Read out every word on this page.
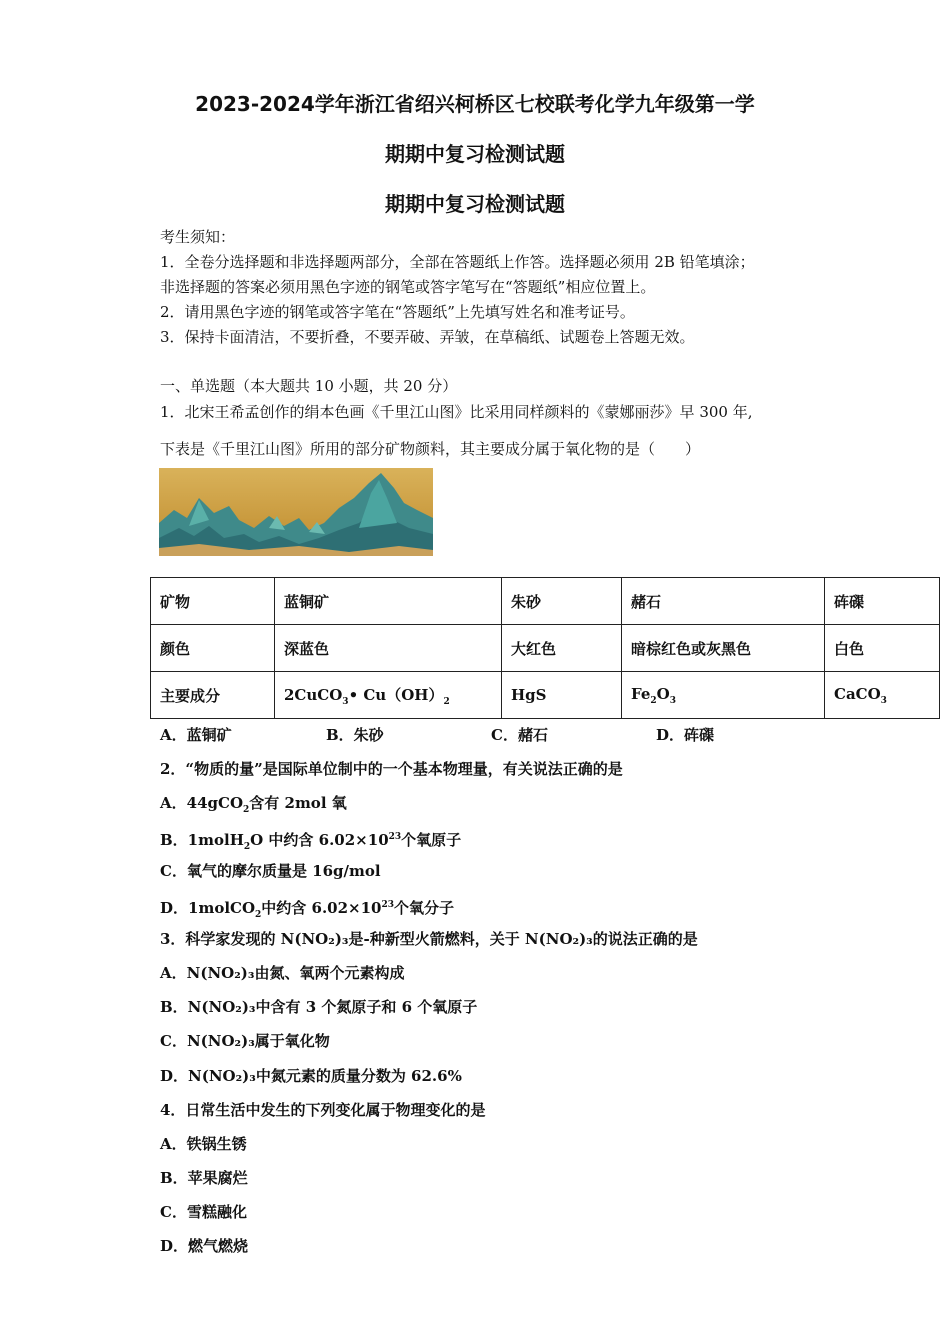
2023-2024学年浙江省绍兴柯桥区七校联考化学九年级第一学
期期中复习检测试题
期期中复习检测试题
考生须知：
1．全卷分选择题和非选择题两部分，全部在答题纸上作答。选择题必须用 2B 铅笔填涂；
非选择题的答案必须用黑色字迹的钢笔或答字笔写在“答题纸”相应位置上。
2．请用黑色字迹的钢笔或答字笔在“答题纸”上先填写姓名和准考证号。
3．保持卡面清洁，不要折叠，不要弄破、弄皱，在草稿纸、试题卷上答题无效。
一、单选题（本大题共 10 小题，共 20 分）
1．北宋王希孟创作的绢本色画《千里江山图》比采用同样颜料的《蒙娜丽莎》早 300 年,
下表是《千里江山图》所用的部分矿物颜料，其主要成分属于氧化物的是（　　）
矿物	蓝铜矿	朱砂	赭石	砗磲
颜色	深蓝色	大红色	暗棕红色或灰黑色	白色
主要成分	2CuCO$_3$• $Cu(OH)_2$	HgS	$Fe_2O_3$	CaCO$_3$
A．蓝铜矿	B．朱砂	C．赭石	D．砗磲
2．“物质的量”是国际单位制中的一个基本物理量，有关说法正确的是
A．44gCO$_2$含有 2mol 氧
B．1molH$_2$O 中约含 $6.02\times 10^{23}$个氧原子
C．氧气的摩尔质量是 16g/mol
D．1molCO$_2$中约含 $6.02\times 10^{23}$个氧分子
3．科学家发现的 N(NO₂)₃是-种新型火箭燃料，关于 N(NO₂)₃的说法正确的是
A．N(NO₂)₃由氮、氧两个元素构成
B．N(NO₂)₃中含有 3 个氮原子和 6 个氧原子
C．N(NO₂)₃属于氧化物
D．N(NO₂)₃中氮元素的质量分数为 62.6%
4．日常生活中发生的下列变化属于物理变化的是
A．铁锅生锈
B．苹果腐烂
C．雪糕融化
D．燃气燃烧
